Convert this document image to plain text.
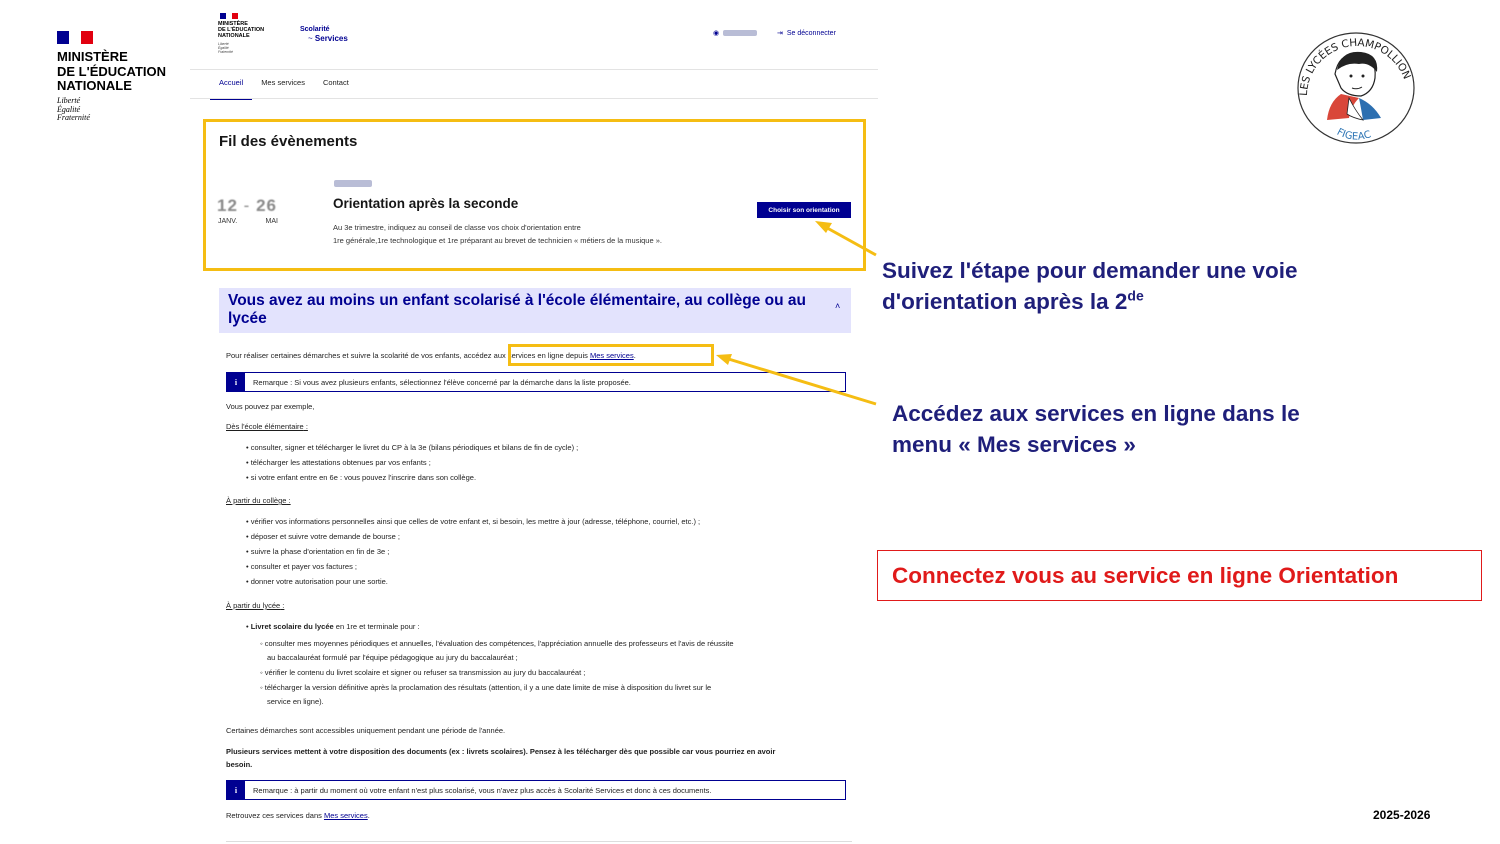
MINISTÈRE
DE L'ÉDUCATION
NATIONALE
Liberté
Égalité
Fraternité
MINISTÈRE
DE L'ÉDUCATION
NATIONALE
Liberté
Égalité
Fraternité
Scolarité
~ Services
◉	⇥ Se déconnecter
Accueil	Mes services	Contact
Fil des évènements
12 - 26
JANV.	MAI
Orientation après la seconde
Au 3e trimestre, indiquez au conseil de classe vos choix d'orientation entre
1re générale,1re technologique et 1re préparant au brevet de technicien « métiers de la musique ».
Choisir son orientation
Vous avez au moins un enfant scolarisé à l'école élémentaire, au collège ou au lycée
˄
Pour réaliser certaines démarches et suivre la scolarité de vos enfants, accédez aux services en ligne depuis Mes services.
i	Remarque : Si vous avez plusieurs enfants, sélectionnez l'élève concerné par la démarche dans la liste proposée.
Vous pouvez par exemple,
Dès l'école élémentaire :
• consulter, signer et télécharger le livret du CP à la 3e (bilans périodiques et bilans de fin de cycle) ;
• télécharger les attestations obtenues par vos enfants ;
• si votre enfant entre en 6e : vous pouvez l'inscrire dans son collège.
À partir du collège :
• vérifier vos informations personnelles ainsi que celles de votre enfant et, si besoin, les mettre à jour (adresse, téléphone, courriel, etc.) ;
• déposer et suivre votre demande de bourse ;
• suivre la phase d'orientation en fin de 3e ;
• consulter et payer vos factures ;
• donner votre autorisation pour une sortie.
À partir du lycée :
• Livret scolaire du lycée en 1re et terminale pour :
◦ consulter mes moyennes périodiques et annuelles, l'évaluation des compétences, l'appréciation annuelle des professeurs et l'avis de réussite
au baccalauréat formulé par l'équipe pédagogique au jury du baccalauréat ;
◦ vérifier le contenu du livret scolaire et signer ou refuser sa transmission au jury du baccalauréat ;
◦ télécharger la version définitive après la proclamation des résultats (attention, il y a une date limite de mise à disposition du livret sur le
service en ligne).
Certaines démarches sont accessibles uniquement pendant une période de l'année.
Plusieurs services mettent à votre disposition des documents (ex : livrets scolaires). Pensez à les télécharger dès que possible car vous pourriez en avoir
besoin.
i	Remarque : à partir du moment où votre enfant n'est plus scolarisé, vous n'avez plus accès à Scolarité Services et donc à ces documents.
Retrouvez ces services dans Mes services.
Suivez l'étape pour demander une voie
d'orientation après la 2de
Accédez aux services en ligne dans le
menu « Mes services »
Connectez vous au service en ligne Orientation
2025-2026
LES LYCÉES CHAMPOLLION
FIGEAC
